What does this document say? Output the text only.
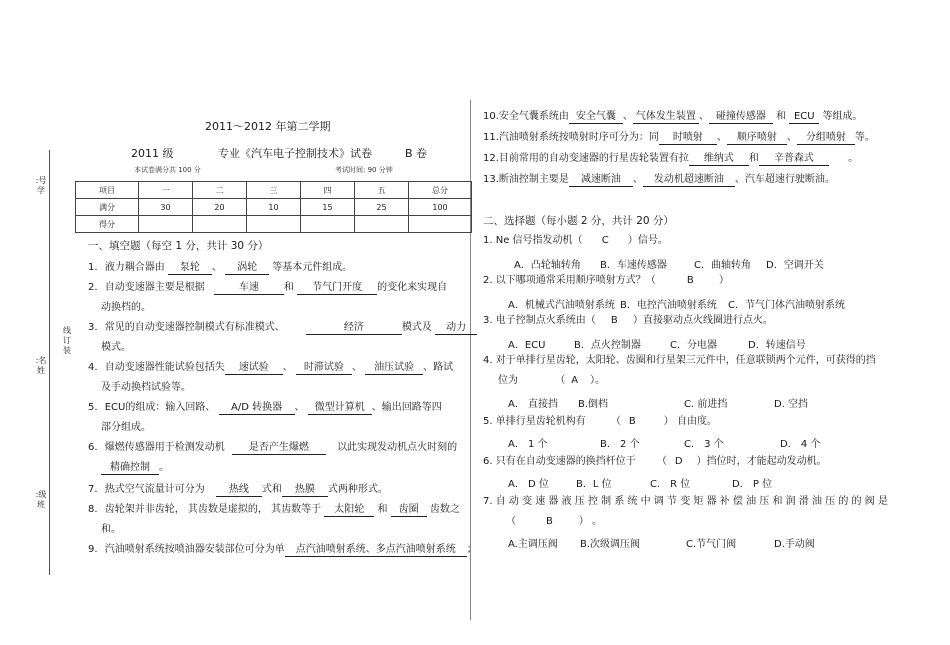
:号学
线订装
:名姓
:级班
2011～2012 年第二学期
2011 级	专业《汽车电子控制技术》试卷	B 卷
本试卷满分共 100 分	考试时间: 90 分钟
项目	一	二	三	四	五	总分
满分	30	20	10	15	25	100
得分						
一、填空题（每空 1 分，共计 30 分）
1. 液力耦合器由 泵轮 、 涡轮 等基本元件组成。
2. 自动变速器主要是根据	车速	和 节气门开度 的变化来实现自
动换档的。
3. 常见的自动变速器控制模式有标准模式、	经济	模式及 动力
模式。
4. 自动变速器性能试验包括失 速试验 、 时滞试验 、 油压试验 、路试
及手动换档试验等。
5. ECU的组成：输入回路、 A/D 转换器 、 微型计算机 、输出回路等四
部分组成。
6. 爆燃传感器用于检测发动机 是否产生爆燃	以此实现发动机点火时刻的
精确控制 。
7. 热式空气流量计可分为 热线 式和 热膜 式两种形式。
8. 齿轮架并非齿轮， 其齿数是虚拟的， 其齿数等于 太阳轮 和 齿圈 齿数之
和。
9. 汽油喷射系统按喷油器安装部位可分为单 点汽油喷射系统、多点汽油喷射系统 ；
10.安全气囊系统由 安全气囊 、 气体发生装置 、 碰撞传感器 和 ECU 等组成。
11.汽油喷射系统按喷射时序可分为：同 时喷射 、 顺序喷射 、 分组喷射 等。
12.目前常用的自动变速器的行星齿轮装置有拉 维纳式 和 辛普森式	。
13.断油控制主要是 减速断油 、 发动机超速断油 、汽车超速行驶断油。
二、选择题（每小题 2 分，共计 20 分）
1. Ne 信号指发动机（ C ）信号。
A．凸轮轴转角 B．车速传感器	C．曲轴转角 D．空调开关
2. 以下哪项通常采用顺序喷射方式？（	B	）
A．机械式汽油喷射系统 B．电控汽油喷射系统 C．节气门体汽油喷射系统
3. 电子控制点火系统由（ B ）直接驱动点火线圈进行点火。
A．ECU	B．点火控制器	C．分电器	D．转速信号
4. 对于单排行星齿轮，太阳轮、齿圈和行星架三元件中，任意联锁两个元件，可获得的挡
位为	（ A ）。
A． 直接挡 B.倒档	C. 前进挡	D. 空挡
5. 单排行星齿轮机构有	（ B	） 自由度。
A． 1 个	B． 2 个	C． 3 个	D． 4 个
6. 只有在自动变速器的换挡杆位于 （ D ）挡位时，才能起动发动机。
A． D 位	B．L 位	C． R 位	D． P 位
7. 自 动 变 速 器 液 压 控 制 系 统 中 调 节 变 矩 器 补 偿 油 压 和 润 滑 油 压 的 的 阀 是
（	B	） 。
A.主调压阀 B.次级调压阀	C.节气门阀	D.手动阀
